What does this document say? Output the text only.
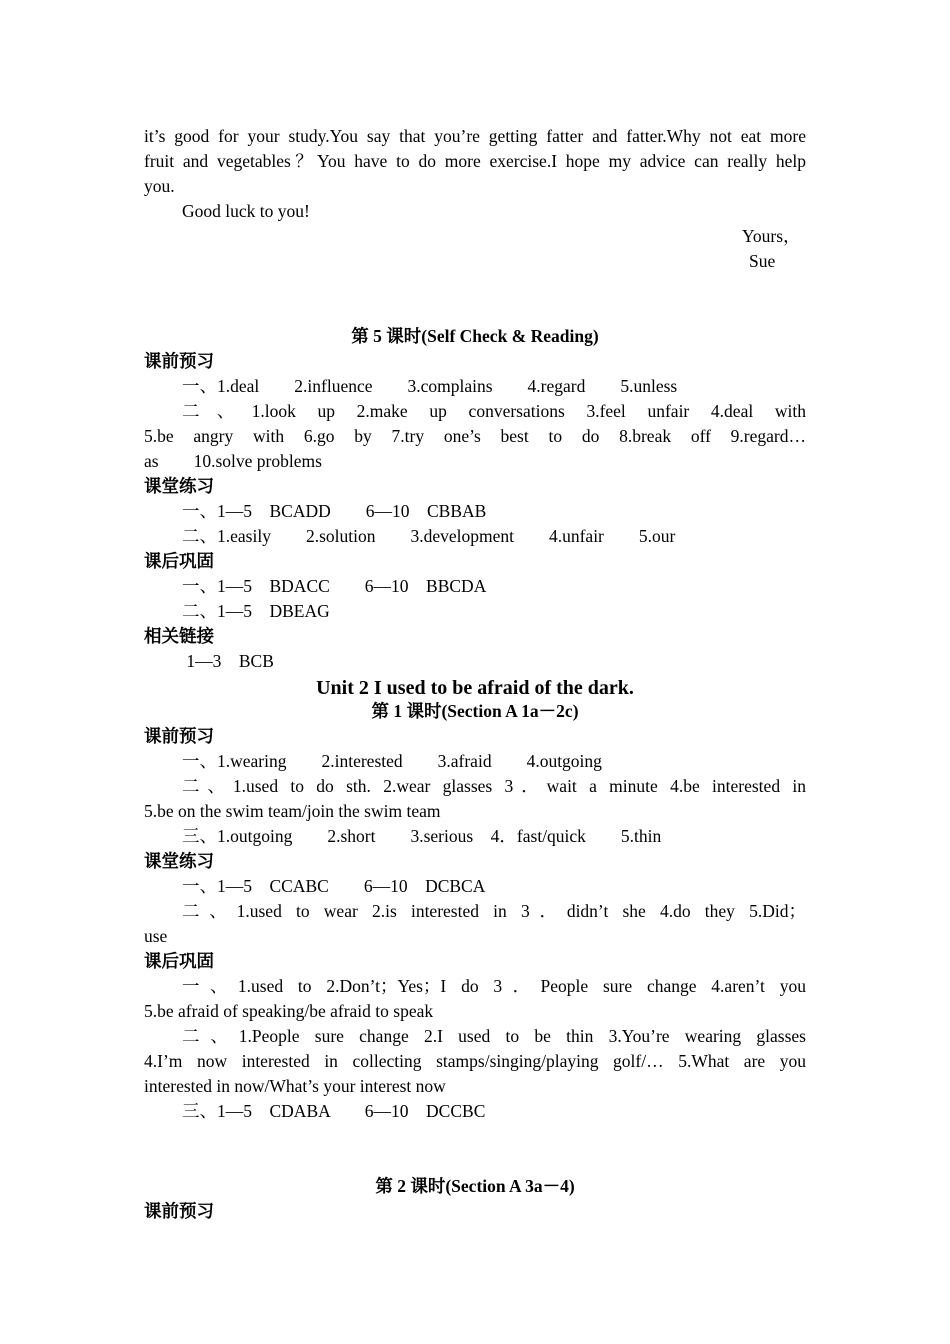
it’s good for your study.You say that you’re getting fatter and fatter.Why not eat more
fruit and vegetables？You have to do more exercise.I hope my advice can really help
you.
Good luck to you!
Yours，
Sue
第 5 课时(Self Check & Reading)
课前预习
一、1.deal        2.influence        3.complains        4.regard        5.unless
二、1.look up 2.make up conversations 3.feel unfair 4.deal with
5.be angry with 6.go by 7.try one’s best to do 8.break off 9.regard…
as        10.solve problems
课堂练习
一、1—5    BCADD        6—10    CBBAB
二、1.easily        2.solution        3.development        4.unfair        5.our
课后巩固
一、1—5    BDACC        6—10    BBCDA
二、1—5    DBEAG
相关链接
1—3    BCB
Unit 2 I used to be afraid of the dark.
第 1 课时(Section A 1a－2c)
课前预习
一、1.wearing        2.interested        3.afraid        4.outgoing
二、1.used to do sth. 2.wear glasses 3．wait a minute 4.be interested in
5.be on the swim team/join the swim team
三、1.outgoing        2.short        3.serious    4．fast/quick        5.thin
课堂练习
一、1—5    CCABC        6—10    DCBCA
二、1.used to wear 2.is interested in 3．didn’t she 4.do they 5.Did；
use
课后巩固
一、1.used to 2.Don’t；Yes；I do 3．People sure change 4.aren’t you
5.be afraid of speaking/be afraid to speak
二、1.People sure change 2.I used to be thin 3.You’re wearing glasses
4.I’m now interested in collecting stamps/singing/playing golf/… 5.What are you
interested in now/What’s your interest now
三、1—5    CDABA        6—10    DCCBC
第 2 课时(Section A 3a－4)
课前预习
